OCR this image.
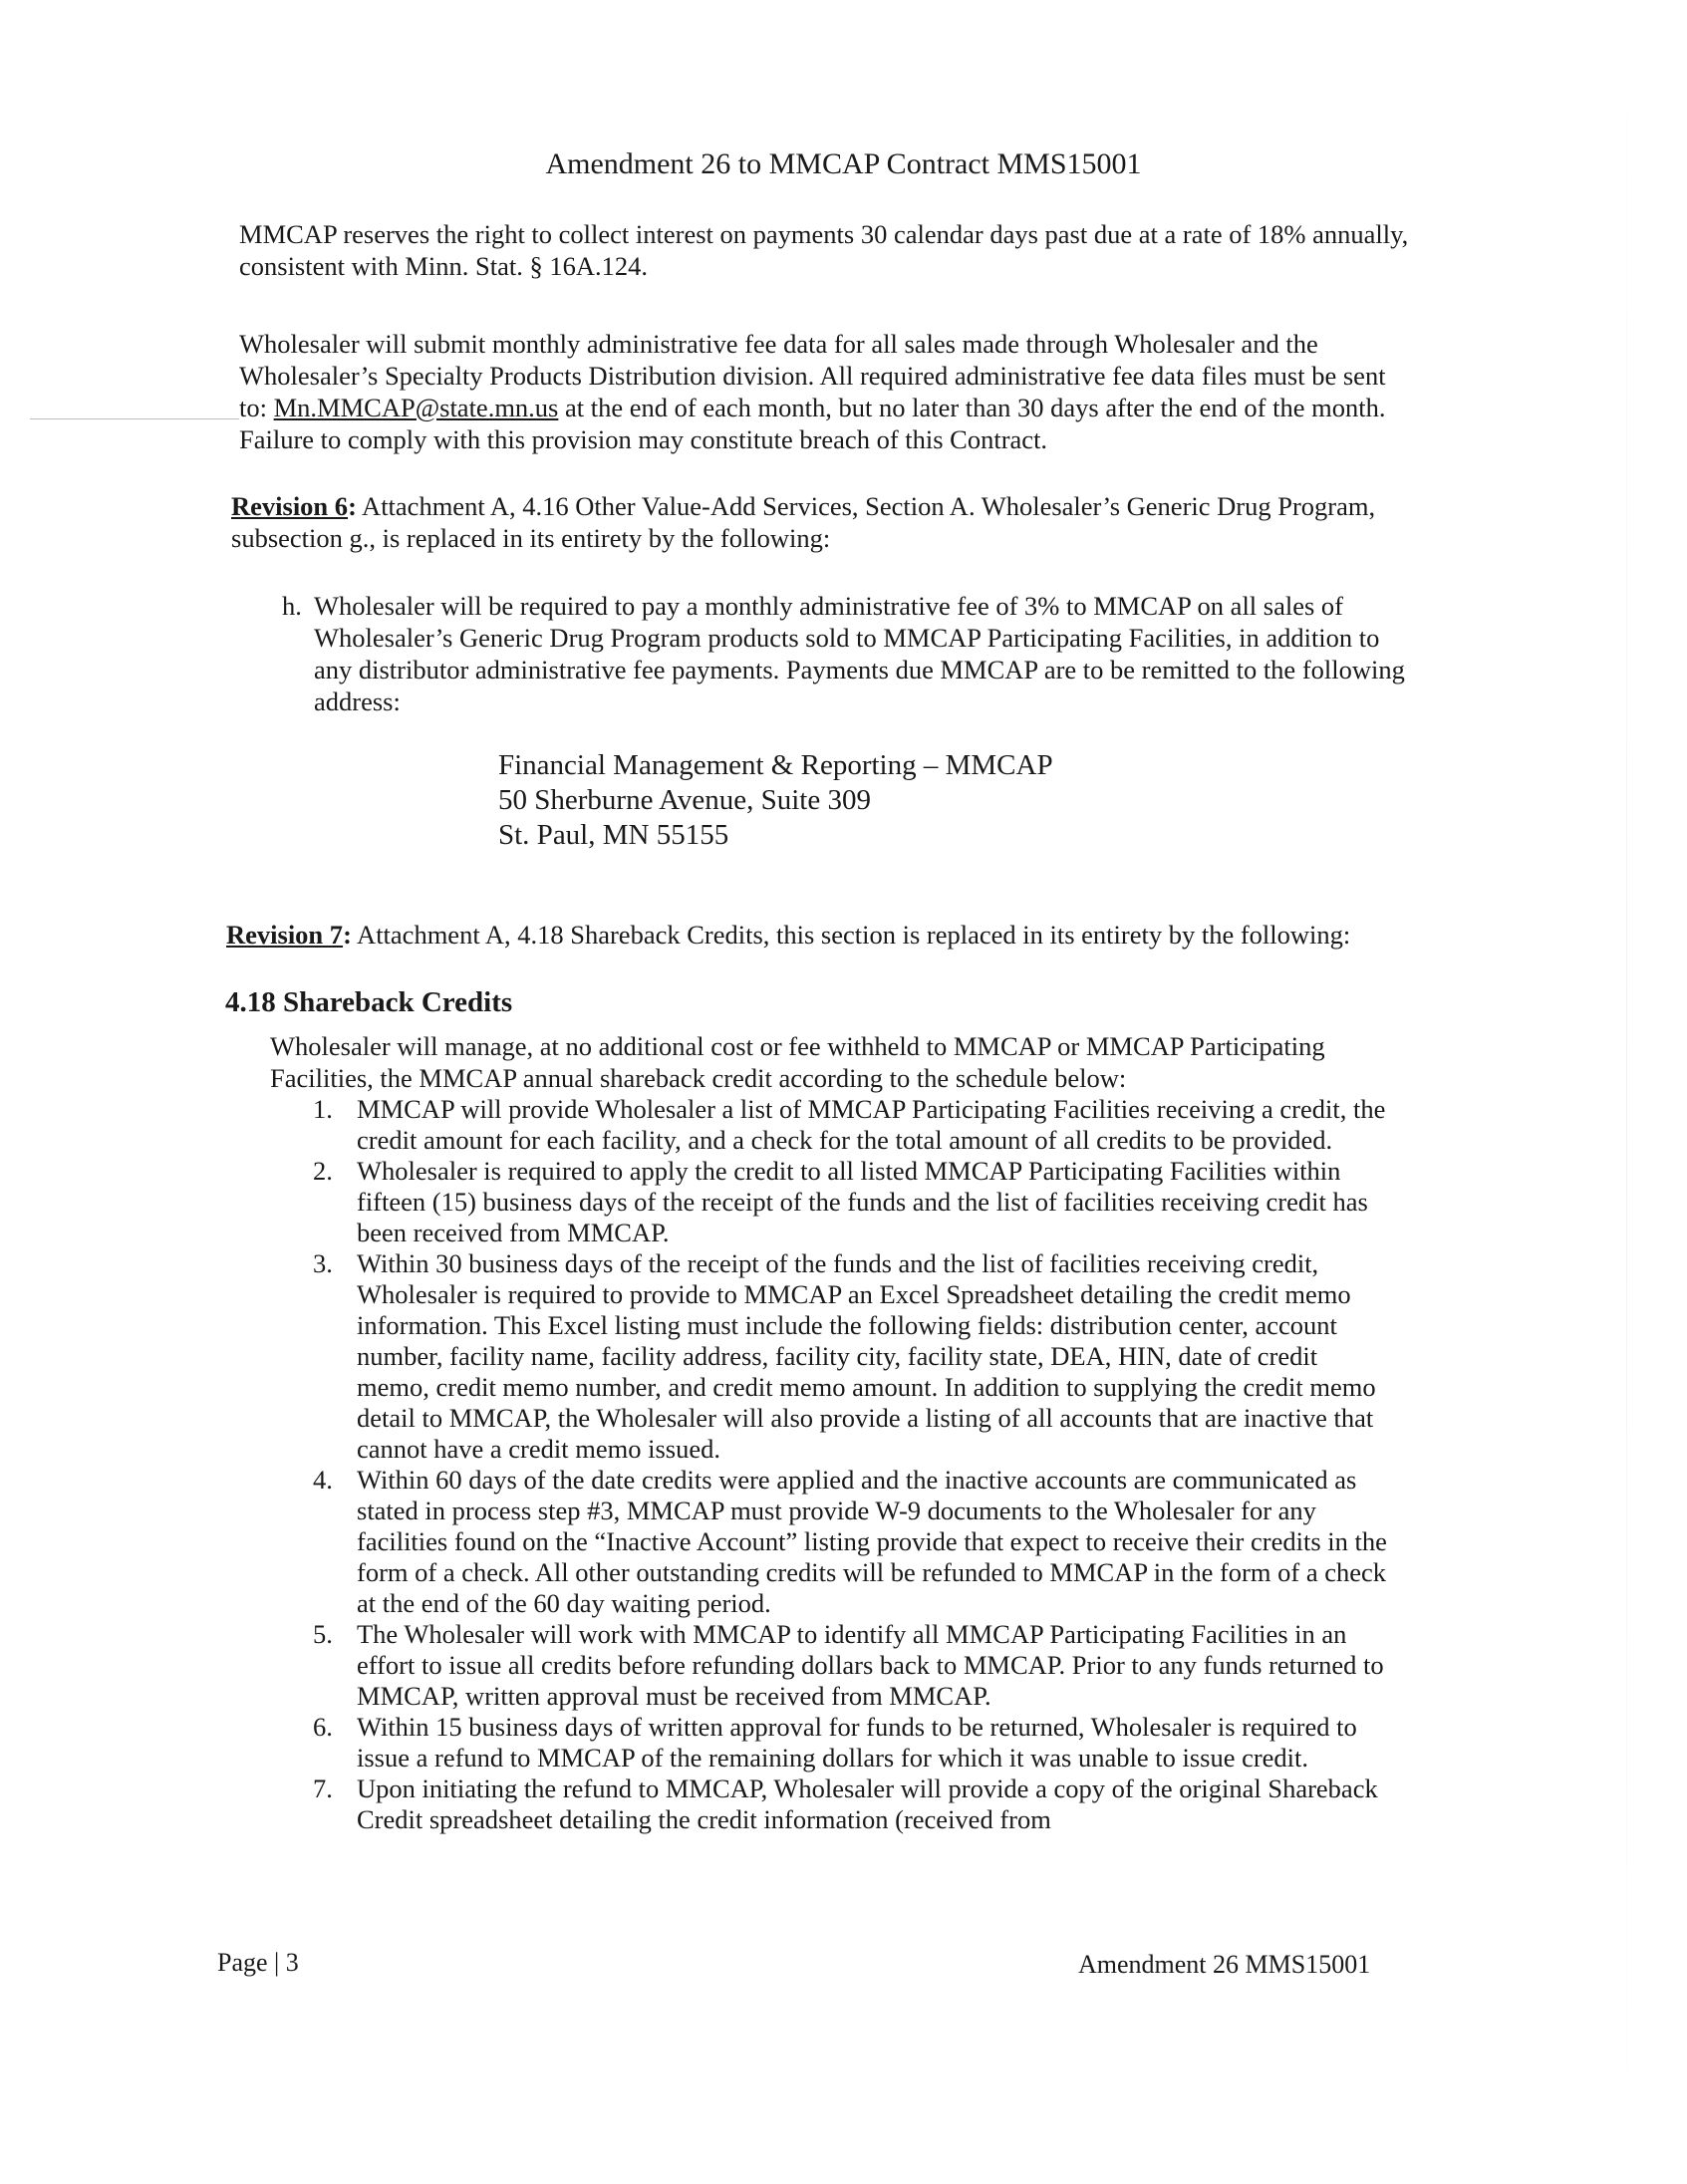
Amendment 26 to MMCAP Contract MMS15001
MMCAP reserves the right to collect interest on payments 30 calendar days past due at a rate of 18% annually, consistent with Minn. Stat. § 16A.124.
Wholesaler will submit monthly administrative fee data for all sales made through Wholesaler and the Wholesaler’s Specialty Products Distribution division. All required administrative fee data files must be sent to: Mn.MMCAP@state.mn.us at the end of each month, but no later than 30 days after the end of the month. Failure to comply with this provision may constitute breach of this Contract.
Revision 6: Attachment A, 4.16 Other Value-Add Services, Section A. Wholesaler’s Generic Drug Program, subsection g., is replaced in its entirety by the following:
h. Wholesaler will be required to pay a monthly administrative fee of 3% to MMCAP on all sales of Wholesaler’s Generic Drug Program products sold to MMCAP Participating Facilities, in addition to any distributor administrative fee payments. Payments due MMCAP are to be remitted to the following address:
Financial Management & Reporting – MMCAP
50 Sherburne Avenue, Suite 309
St. Paul, MN 55155
Revision 7: Attachment A, 4.18 Shareback Credits, this section is replaced in its entirety by the following:
4.18 Shareback Credits
Wholesaler will manage, at no additional cost or fee withheld to MMCAP or MMCAP Participating Facilities, the MMCAP annual shareback credit according to the schedule below:
1. MMCAP will provide Wholesaler a list of MMCAP Participating Facilities receiving a credit, the credit amount for each facility, and a check for the total amount of all credits to be provided.
2. Wholesaler is required to apply the credit to all listed MMCAP Participating Facilities within fifteen (15) business days of the receipt of the funds and the list of facilities receiving credit has been received from MMCAP.
3. Within 30 business days of the receipt of the funds and the list of facilities receiving credit, Wholesaler is required to provide to MMCAP an Excel Spreadsheet detailing the credit memo information. This Excel listing must include the following fields: distribution center, account number, facility name, facility address, facility city, facility state, DEA, HIN, date of credit memo, credit memo number, and credit memo amount. In addition to supplying the credit memo detail to MMCAP, the Wholesaler will also provide a listing of all accounts that are inactive that cannot have a credit memo issued.
4. Within 60 days of the date credits were applied and the inactive accounts are communicated as stated in process step #3, MMCAP must provide W-9 documents to the Wholesaler for any facilities found on the “Inactive Account” listing provide that expect to receive their credits in the form of a check. All other outstanding credits will be refunded to MMCAP in the form of a check at the end of the 60 day waiting period.
5. The Wholesaler will work with MMCAP to identify all MMCAP Participating Facilities in an effort to issue all credits before refunding dollars back to MMCAP. Prior to any funds returned to MMCAP, written approval must be received from MMCAP.
6. Within 15 business days of written approval for funds to be returned, Wholesaler is required to issue a refund to MMCAP of the remaining dollars for which it was unable to issue credit.
7. Upon initiating the refund to MMCAP, Wholesaler will provide a copy of the original Shareback Credit spreadsheet detailing the credit information (received from
Page | 3	Amendment 26 MMS15001
